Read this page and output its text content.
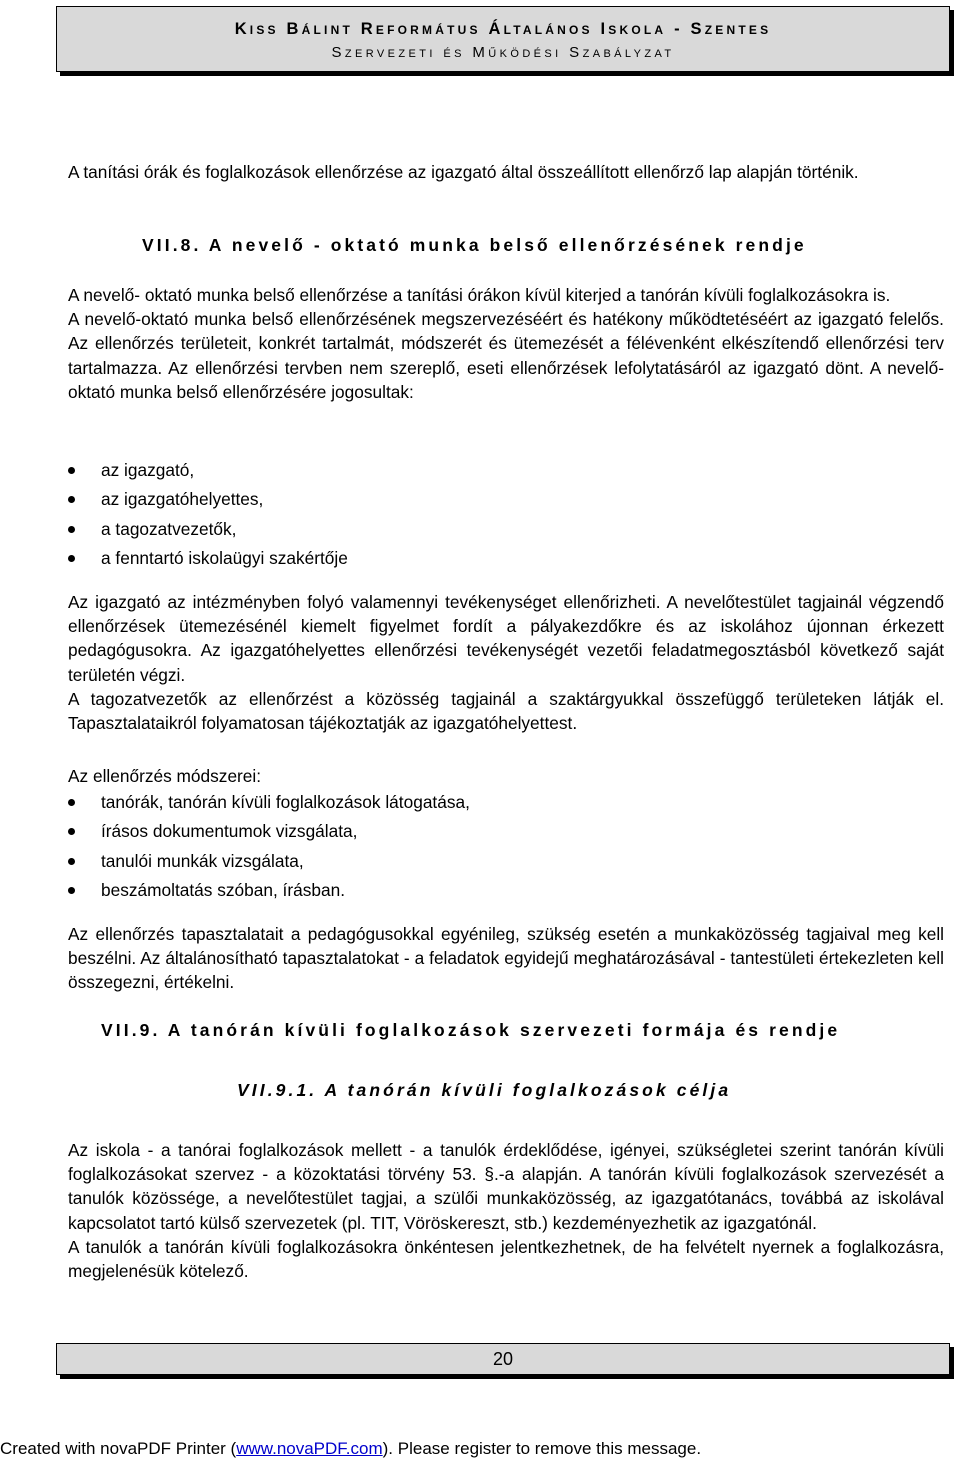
Kiss Bálint Református Általános Iskola - Szentes
Szervezeti és Működési Szabályzat

A tanítási órák és foglalkozások ellenőrzése az igazgató által összeállított ellenőrző lap alapján történik.

VII.8. A nevelő - oktató munka belső ellenőrzésének rendje

A nevelő- oktató munka belső ellenőrzése a tanítási órákon kívül kiterjed a tanórán kívüli foglalkozásokra is.

A nevelő-oktató munka belső ellenőrzésének megszervezéséért és hatékony működtetéséért az igazgató felelős. Az ellenőrzés területeit, konkrét tartalmát, módszerét és ütemezését a félévenként elkészítendő ellenőrzési terv tartalmazza. Az ellenőrzési tervben nem szereplő, eseti ellenőrzések lefolytatásáról az igazgató dönt. A nevelő-oktató munka belső ellenőrzésére jogosultak:

az igazgató,
az igazgatóhelyettes,
a tagozatvezetők,
a fenntartó iskolaügyi szakértője

Az igazgató az intézményben folyó valamennyi tevékenységet ellenőrizheti. A nevelőtestület tagjainál végzendő ellenőrzések ütemezésénél kiemelt figyelmet fordít a pályakezdőkre és az iskolához újonnan érkezett pedagógusokra. Az igazgatóhelyettes ellenőrzési tevékenységét vezetői feladatmegosztásból következő saját területén végzi.

A tagozatvezetők az ellenőrzést a közösség tagjainál a szaktárgyukkal összefüggő területeken látják el. Tapasztalataikról folyamatosan tájékoztatják az igazgatóhelyettest.

Az ellenőrzés módszerei:
tanórák, tanórán kívüli foglalkozások látogatása,
írásos dokumentumok vizsgálata,
tanulói munkák vizsgálata,
beszámoltatás szóban, írásban.

Az ellenőrzés tapasztalatait a pedagógusokkal egyénileg, szükség esetén a munkaközösség tagjaival meg kell beszélni. Az általánosítható tapasztalatokat - a feladatok egyidejű meghatározásával - tantestületi értekezleten kell összegezni, értékelni.

VII.9. A tanórán kívüli foglalkozások szervezeti formája és rendje
VII.9.1. A tanórán kívüli foglalkozások célja

Az iskola - a tanórai foglalkozások mellett - a tanulók érdeklődése, igényei, szükségletei szerint tanórán kívüli foglalkozásokat szervez - a közoktatási törvény 53. §.-a alapján. A tanórán kívüli foglalkozások szervezését a tanulók közössége, a nevelőtestület tagjai, a szülői munkaközösség, az igazgatótanács, továbbá az iskolával kapcsolatot tartó külső szervezetek (pl. TIT, Vöröskereszt, stb.) kezdeményezhetik az igazgatónál.

A tanulók a tanórán kívüli foglalkozásokra önkéntesen jelentkezhetnek, de ha felvételt nyernek a foglalkozásra, megjelenésük kötelező.

20
Created with novaPDF Printer (www.novaPDF.com). Please register to remove this message.
